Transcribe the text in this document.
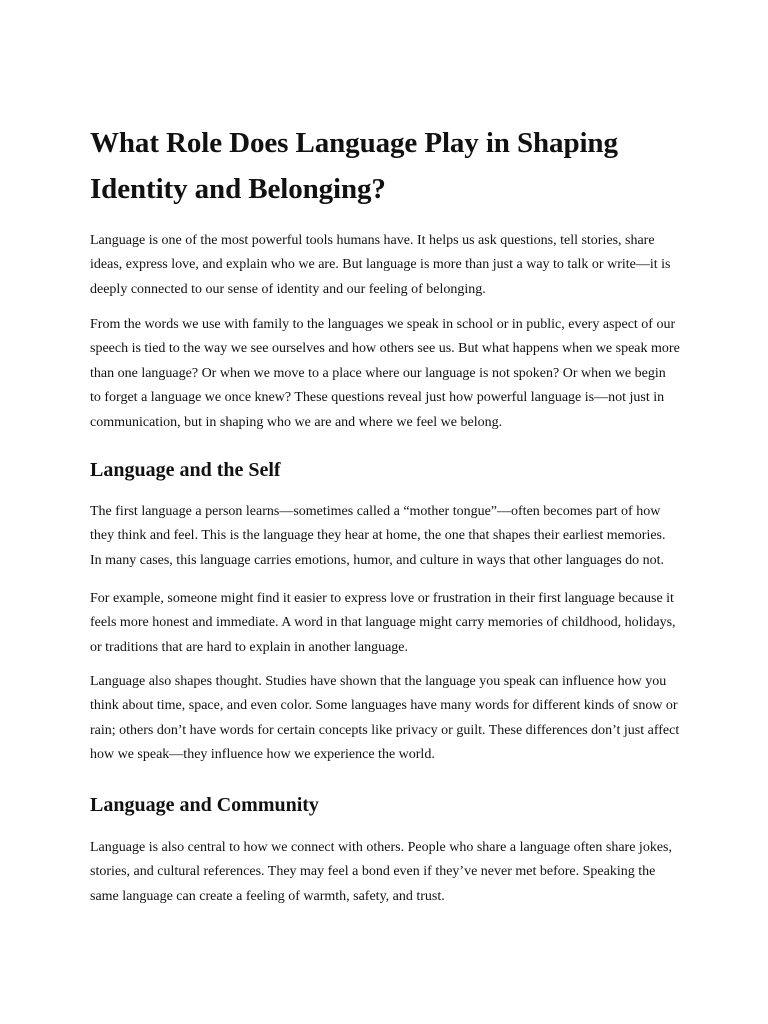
What Role Does Language Play in Shaping Identity and Belonging?

Language is one of the most powerful tools humans have. It helps us ask questions, tell stories, share ideas, express love, and explain who we are. But language is more than just a way to talk or write—it is deeply connected to our sense of identity and our feeling of belonging.

From the words we use with family to the languages we speak in school or in public, every aspect of our speech is tied to the way we see ourselves and how others see us. But what happens when we speak more than one language? Or when we move to a place where our language is not spoken? Or when we begin to forget a language we once knew? These questions reveal just how powerful language is—not just in communication, but in shaping who we are and where we feel we belong.

Language and the Self

The first language a person learns—sometimes called a “mother tongue”—often becomes part of how they think and feel. This is the language they hear at home, the one that shapes their earliest memories. In many cases, this language carries emotions, humor, and culture in ways that other languages do not.

For example, someone might find it easier to express love or frustration in their first language because it feels more honest and immediate. A word in that language might carry memories of childhood, holidays, or traditions that are hard to explain in another language.

Language also shapes thought. Studies have shown that the language you speak can influence how you think about time, space, and even color. Some languages have many words for different kinds of snow or rain; others don’t have words for certain concepts like privacy or guilt. These differences don’t just affect how we speak—they influence how we experience the world.

Language and Community

Language is also central to how we connect with others. People who share a language often share jokes, stories, and cultural references. They may feel a bond even if they’ve never met before. Speaking the same language can create a feeling of warmth, safety, and trust.
